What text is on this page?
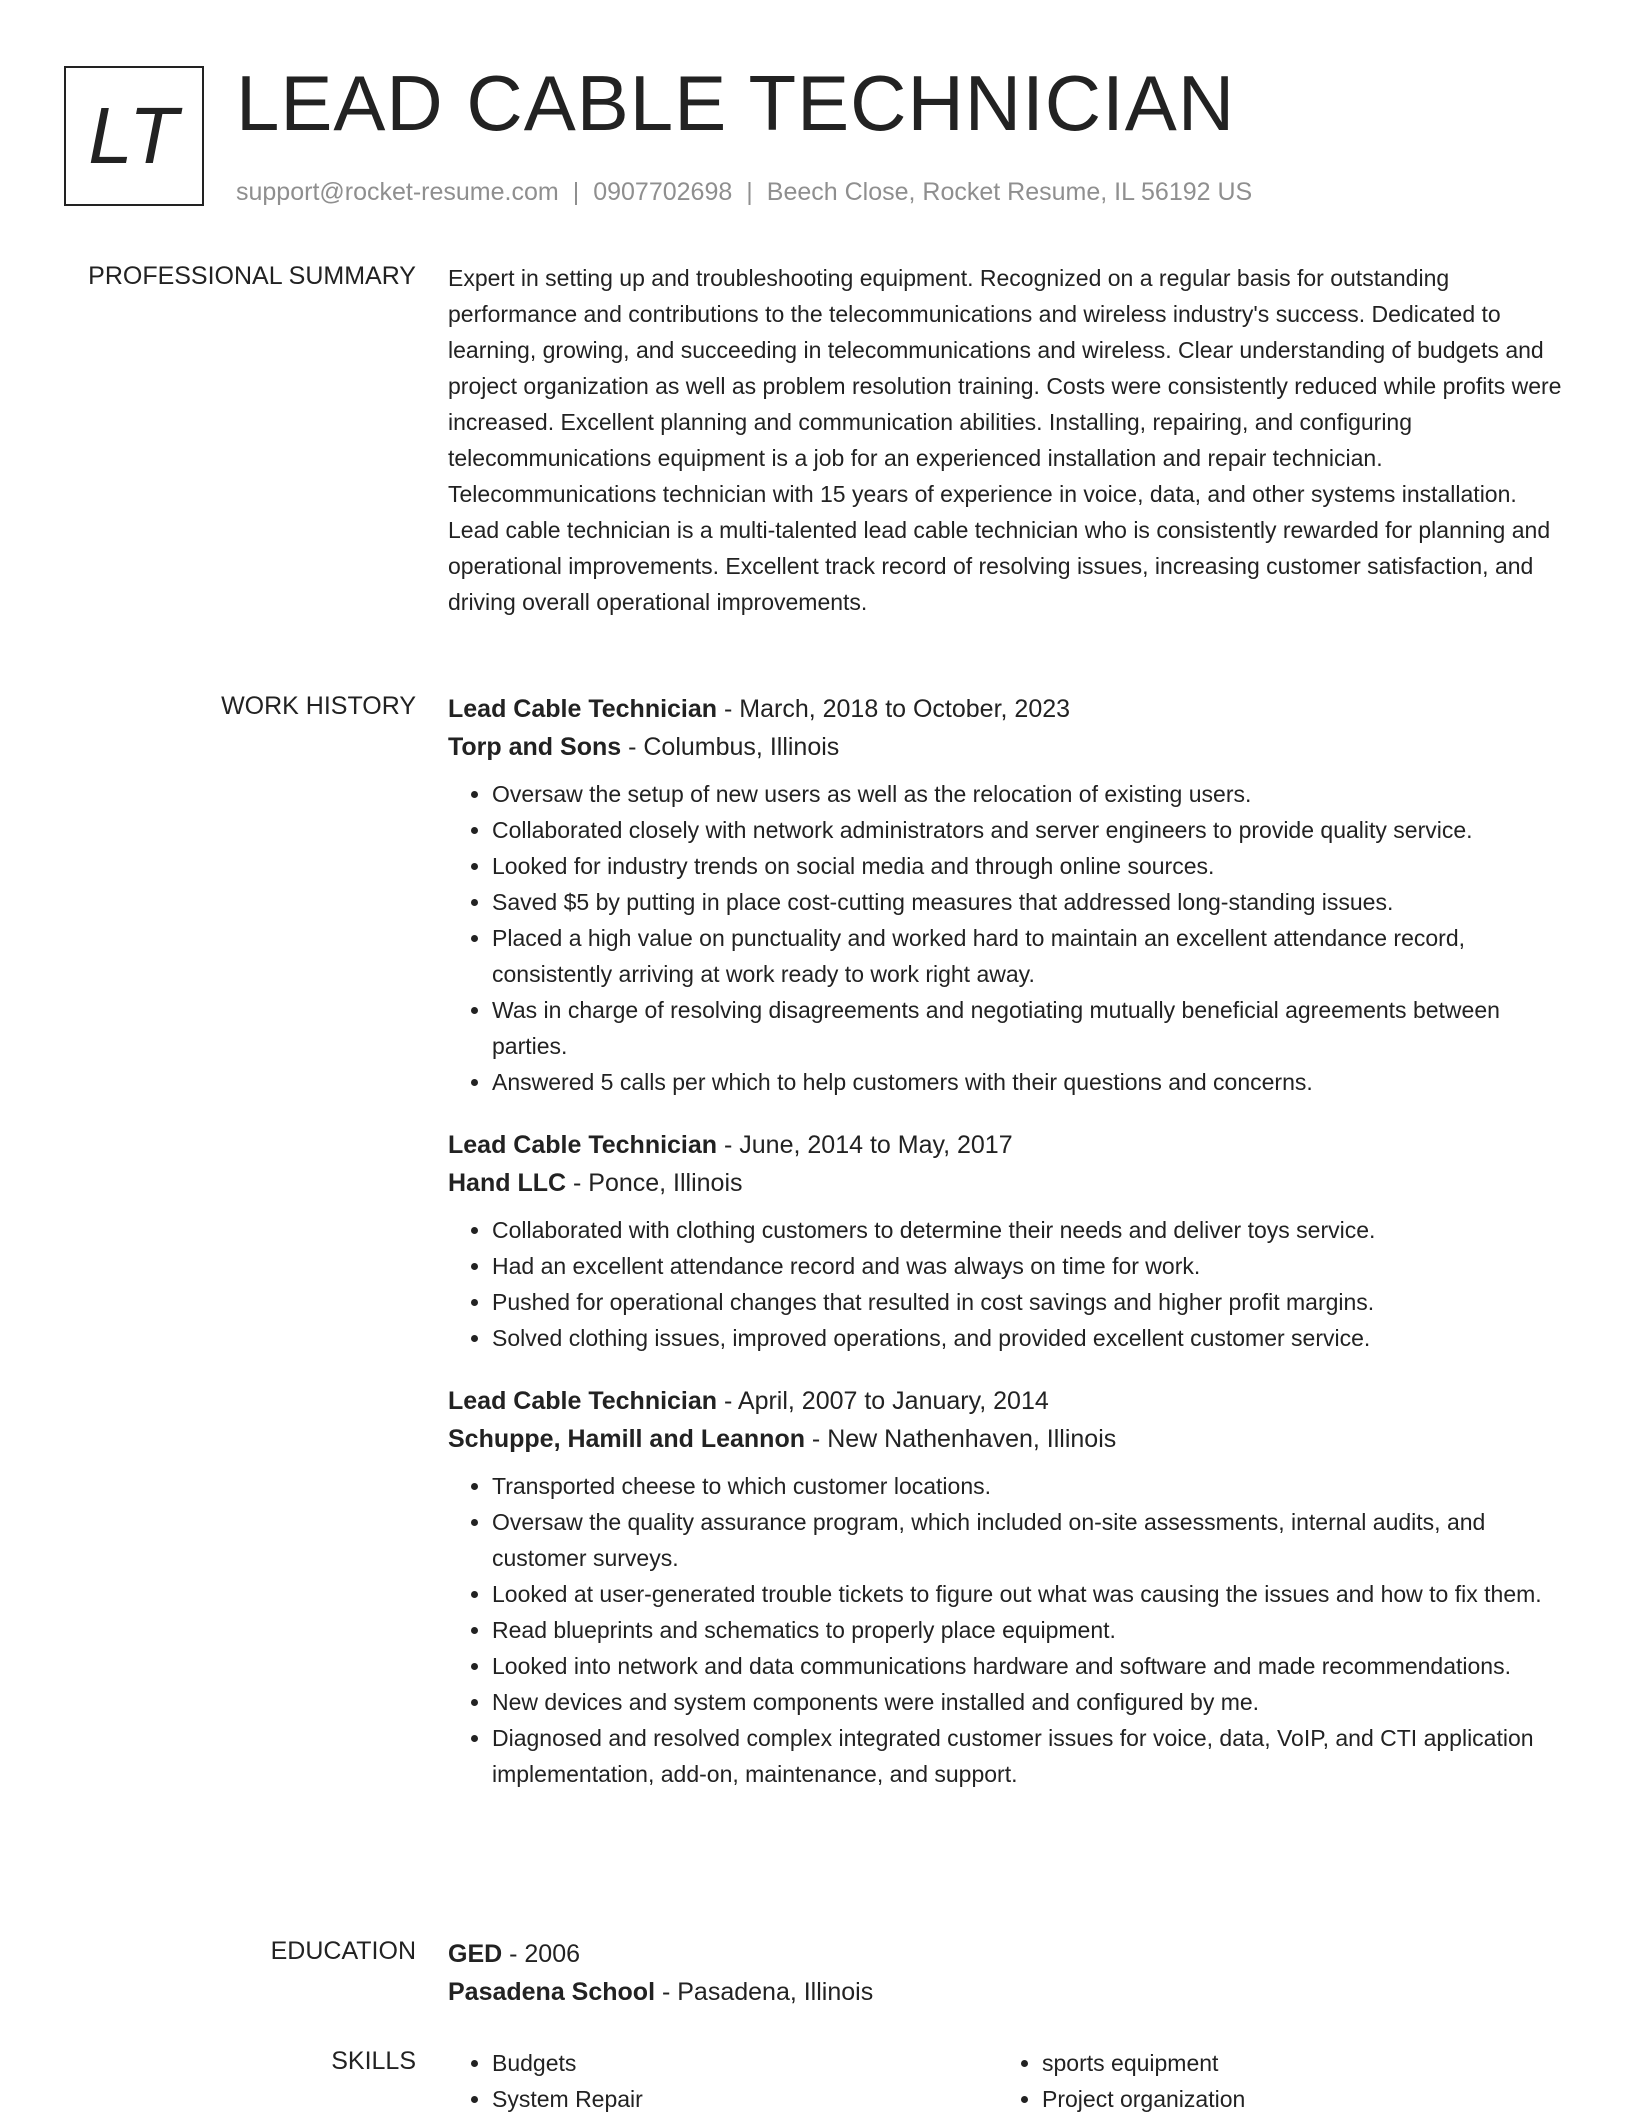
LT LEAD CABLE TECHNICIAN
support@rocket-resume.com | 0907702698 | Beech Close, Rocket Resume, IL 56192 US
PROFESSIONAL SUMMARY Expert in setting up and troubleshooting equipment. Recognized on a regular basis for outstanding performance and contributions to the telecommunications and wireless industry's success. Dedicated to learning, growing, and succeeding in telecommunications and wireless. Clear understanding of budgets and project organization as well as problem resolution training. Costs were consistently reduced while profits were increased. Excellent planning and communication abilities. Installing, repairing, and configuring telecommunications equipment is a job for an experienced installation and repair technician. Telecommunications technician with 15 years of experience in voice, data, and other systems installation. Lead cable technician is a multi-talented lead cable technician who is consistently rewarded for planning and operational improvements. Excellent track record of resolving issues, increasing customer satisfaction, and driving overall operational improvements.

WORK HISTORY Lead Cable Technician - March, 2018 to October, 2023
Torp and Sons - Columbus, Illinois
• Oversaw the setup of new users as well as the relocation of existing users.
• Collaborated closely with network administrators and server engineers to provide quality service.
• Looked for industry trends on social media and through online sources.
• Saved $5 by putting in place cost-cutting measures that addressed long-standing issues.
• Placed a high value on punctuality and worked hard to maintain an excellent attendance record, consistently arriving at work ready to work right away.
• Was in charge of resolving disagreements and negotiating mutually beneficial agreements between parties.
• Answered 5 calls per which to help customers with their questions and concerns.
Lead Cable Technician - June, 2014 to May, 2017
Hand LLC - Ponce, Illinois
• Collaborated with clothing customers to determine their needs and deliver toys service.
• Had an excellent attendance record and was always on time for work.
• Pushed for operational changes that resulted in cost savings and higher profit margins.
• Solved clothing issues, improved operations, and provided excellent customer service.
Lead Cable Technician - April, 2007 to January, 2014
Schuppe, Hamill and Leannon - New Nathenhaven, Illinois
• Transported cheese to which customer locations.
• Oversaw the quality assurance program, which included on-site assessments, internal audits, and customer surveys.
• Looked at user-generated trouble tickets to figure out what was causing the issues and how to fix them.
• Read blueprints and schematics to properly place equipment.
• Looked into network and data communications hardware and software and made recommendations.
• New devices and system components were installed and configured by me.
• Diagnosed and resolved complex integrated customer issues for voice, data, VoIP, and CTI application implementation, add-on, maintenance, and support.
EDUCATION GED - 2006
Pasadena School - Pasadena, Illinois
SKILLS
•	Budgets
• System Repair
• sports equipment
• Project organization
